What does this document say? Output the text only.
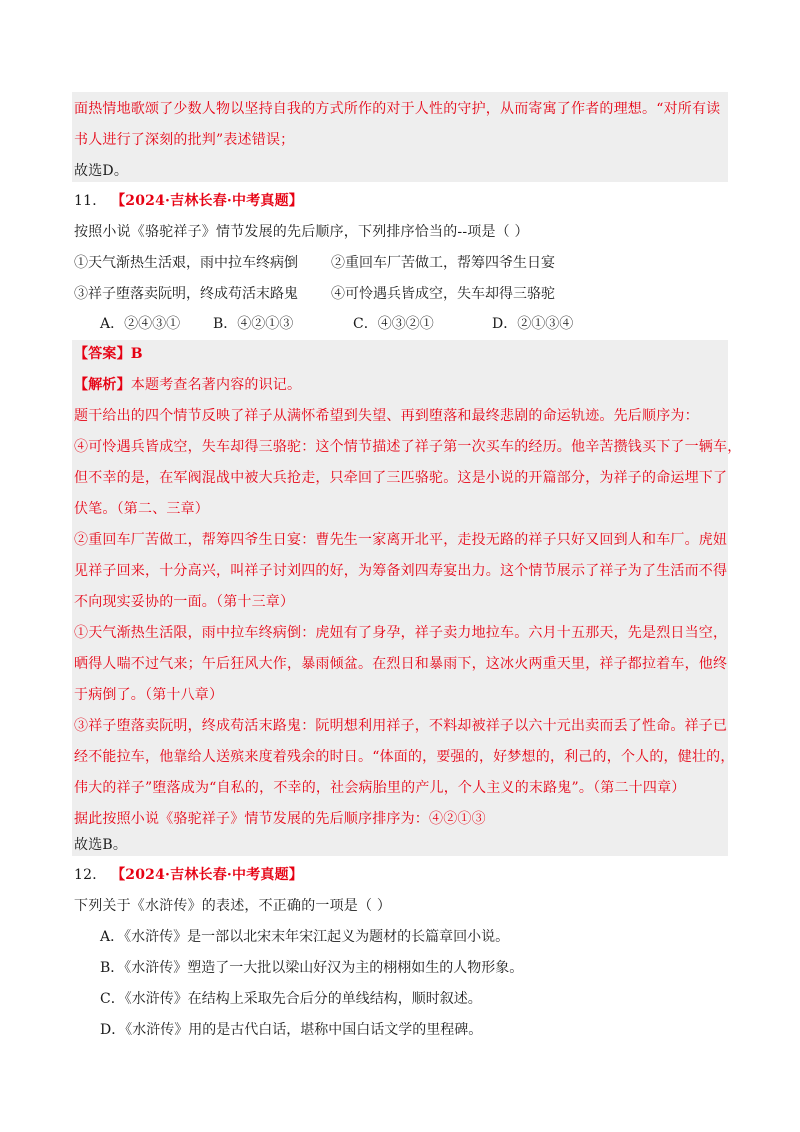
面热情地歌颂了少数人物以坚持自我的方式所作的对于人性的守护，从而寄寓了作者的理想。“对所有读
书人进行了深刻的批判”表述错误；
故选D。
11． 【2024·吉林长春·中考真题】
按照小说《骆驼祥子》情节发展的先后顺序，下列排序恰当的--项是（ ）
①天气渐热生活艰，雨中拉车终病倒 ②重回车厂苦做工，帮筹四爷生日宴
③祥子堕落卖阮明，终成苟活末路鬼 ④可怜遇兵皆成空，失车却得三骆驼
A．②④③① B．④②①③	C．④③②①	D．②①③④
【答案】B
【解析】本题考查名著内容的识记。
题干给出的四个情节反映了祥子从满怀希望到失望、再到堕落和最终悲剧的命运轨迹。先后顺序为：
④可怜遇兵皆成空，失车却得三骆驼：这个情节描述了祥子第一次买车的经历。他辛苦攒钱买下了一辆车，
但不幸的是，在军阀混战中被大兵抢走，只牵回了三匹骆驼。这是小说的开篇部分，为祥子的命运埋下了
伏笔。（第二、三章）
②重回车厂苦做工，帮筹四爷生日宴：曹先生一家离开北平，走投无路的祥子只好又回到人和车厂。虎妞
见祥子回来，十分高兴，叫祥子讨刘四的好，为筹备刘四寿宴出力。这个情节展示了祥子为了生活而不得
不向现实妥协的一面。（第十三章）
①天气渐热生活限，雨中拉车终病倒：虎妞有了身孕，祥子卖力地拉车。六月十五那天，先是烈日当空，
晒得人喘不过气来；午后狂风大作，暴雨倾盆。在烈日和暴雨下，这冰火两重天里，祥子都拉着车，他终
于病倒了。（第十八章）
③祥子堕落卖阮明，终成苟活末路鬼：阮明想利用祥子，不料却被祥子以六十元出卖而丢了性命。祥子已
经不能拉车，他靠给人送殡来度着残余的时日。“体面的，要强的，好梦想的，利己的，个人的，健壮的，
伟大的祥子”堕落成为“自私的，不幸的，社会病胎里的产儿，个人主义的末路鬼”。（第二十四章）
据此按照小说《骆驼祥子》情节发展的先后顺序排序为：④②①③
故选B。
12． 【2024·吉林长春·中考真题】
下列关于《水浒传》的表述，不正确的一项是（ ）
A．《水浒传》是一部以北宋末年宋江起义为题材的长篇章回小说。
B．《水浒传》塑造了一大批以梁山好汉为主的栩栩如生的人物形象。
C．《水浒传》在结构上采取先合后分的单线结构，顺时叙述。
D．《水浒传》用的是古代白话，堪称中国白话文学的里程碑。
